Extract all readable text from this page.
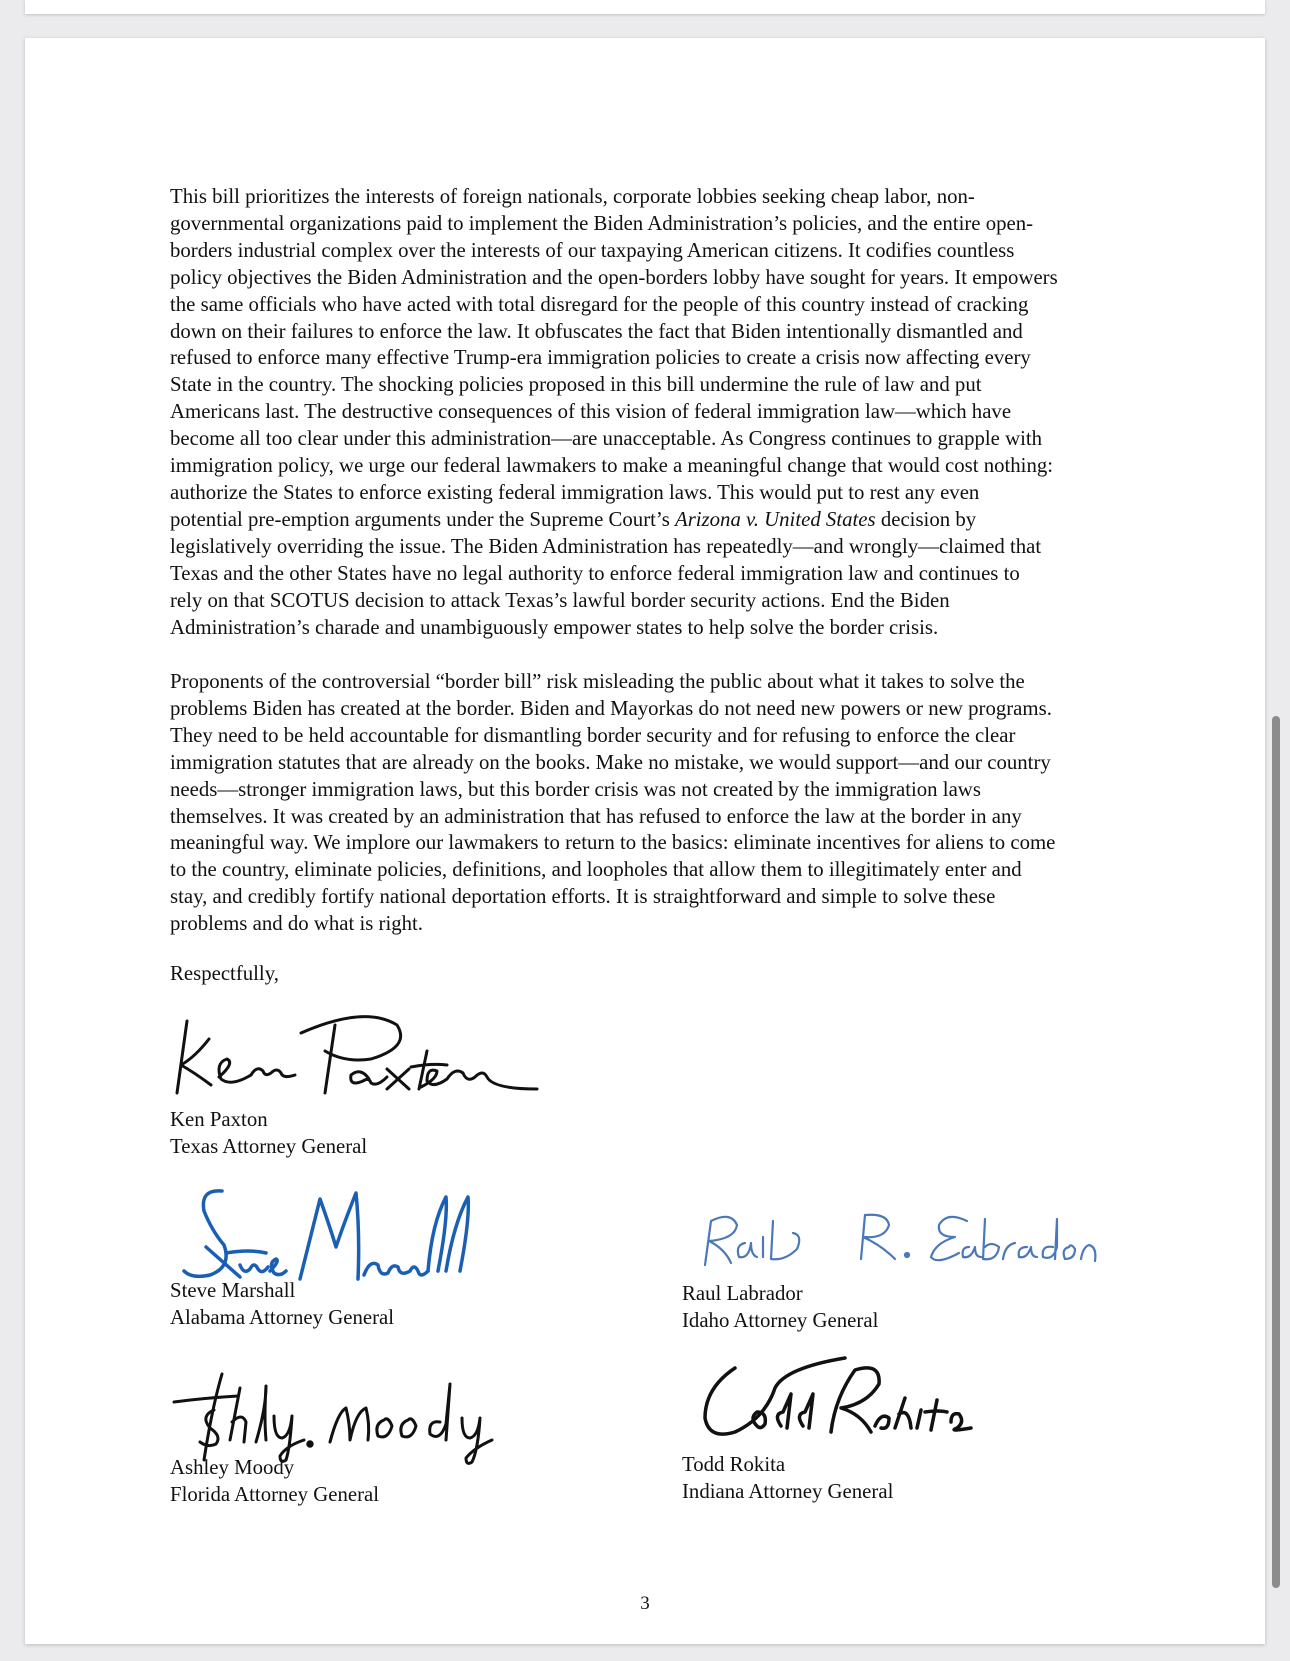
This bill prioritizes the interests of foreign nationals, corporate lobbies seeking cheap labor, non-
governmental organizations paid to implement the Biden Administration’s policies, and the entire open-
borders industrial complex over the interests of our taxpaying American citizens. It codifies countless
policy objectives the Biden Administration and the open-borders lobby have sought for years. It empowers
the same officials who have acted with total disregard for the people of this country instead of cracking
down on their failures to enforce the law. It obfuscates the fact that Biden intentionally dismantled and
refused to enforce many effective Trump-era immigration policies to create a crisis now affecting every
State in the country. The shocking policies proposed in this bill undermine the rule of law and put
Americans last. The destructive consequences of this vision of federal immigration law—which have
become all too clear under this administration—are unacceptable. As Congress continues to grapple with
immigration policy, we urge our federal lawmakers to make a meaningful change that would cost nothing:
authorize the States to enforce existing federal immigration laws. This would put to rest any even
potential pre-emption arguments under the Supreme Court’s Arizona v. United States decision by
legislatively overriding the issue. The Biden Administration has repeatedly—and wrongly—claimed that
Texas and the other States have no legal authority to enforce federal immigration law and continues to
rely on that SCOTUS decision to attack Texas’s lawful border security actions. End the Biden
Administration’s charade and unambiguously empower states to help solve the border crisis.
Proponents of the controversial “border bill” risk misleading the public about what it takes to solve the
problems Biden has created at the border. Biden and Mayorkas do not need new powers or new programs.
They need to be held accountable for dismantling border security and for refusing to enforce the clear
immigration statutes that are already on the books. Make no mistake, we would support—and our country
needs—stronger immigration laws, but this border crisis was not created by the immigration laws
themselves. It was created by an administration that has refused to enforce the law at the border in any
meaningful way. We implore our lawmakers to return to the basics: eliminate incentives for aliens to come
to the country, eliminate policies, definitions, and loopholes that allow them to illegitimately enter and
stay, and credibly fortify national deportation efforts. It is straightforward and simple to solve these
problems and do what is right.

Respectfully,

Ken Paxton
Texas Attorney General
Steve Marshall
Alabama Attorney General
Raul Labrador
Idaho Attorney General
Ashley Moody
Florida Attorney General
Todd Rokita
Indiana Attorney General
3
